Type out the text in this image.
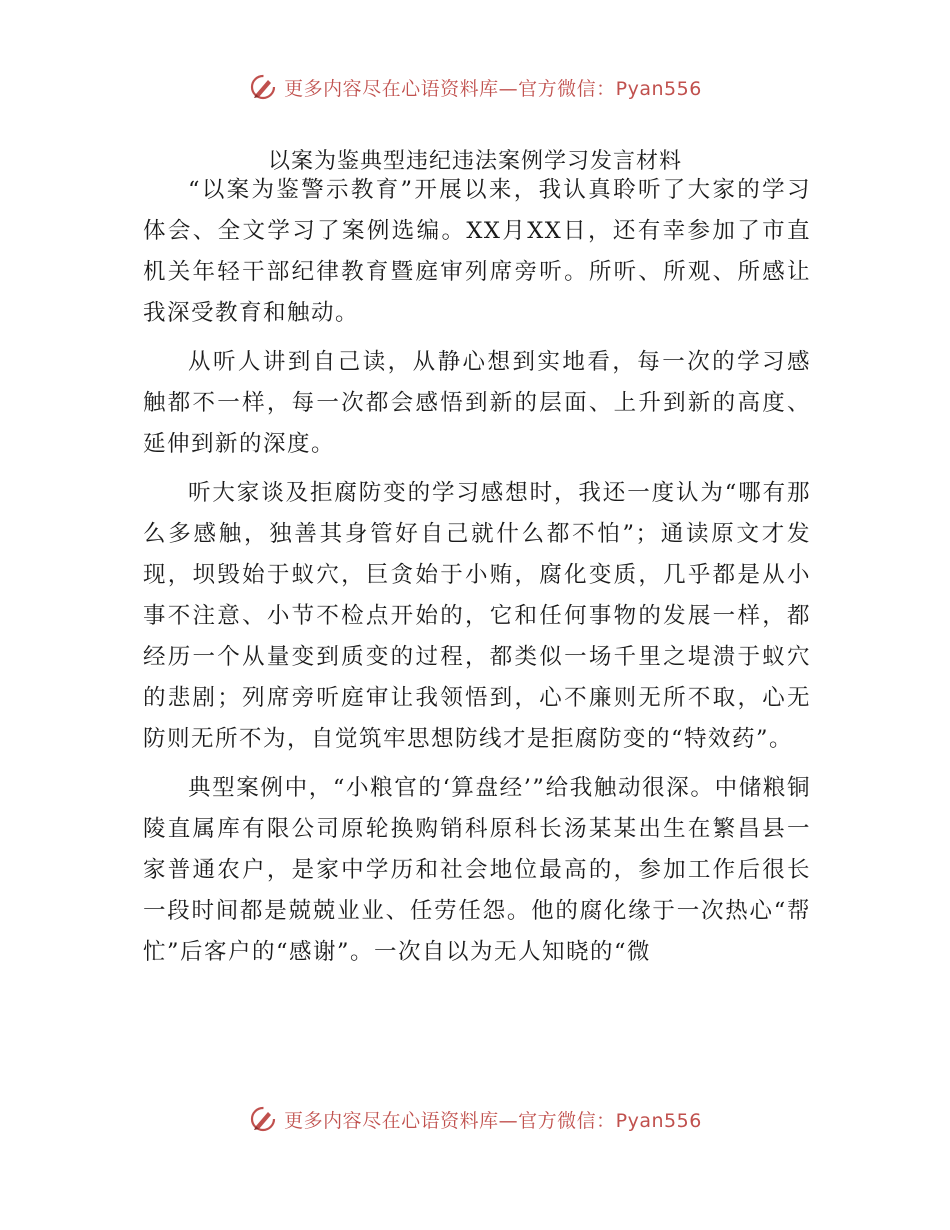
更多内容尽在心语资料库—官方微信：Pyan556
以案为鉴典型违纪违法案例学习发言材料

“以案为鉴警示教育”开展以来，我认真聆听了大家的学习体会、全文学习了案例选编。XX月XX日，还有幸参加了市直机关年轻干部纪律教育暨庭审列席旁听。所听、所观、所感让我深受教育和触动。

从听人讲到自己读，从静心想到实地看，每一次的学习感触都不一样，每一次都会感悟到新的层面、上升到新的高度、延伸到新的深度。

听大家谈及拒腐防变的学习感想时，我还一度认为“哪有那么多感触，独善其身管好自己就什么都不怕”；通读原文才发现，坝毁始于蚁穴，巨贪始于小贿，腐化变质，几乎都是从小事不注意、小节不检点开始的，它和任何事物的发展一样，都经历一个从量变到质变的过程，都类似一场千里之堤溃于蚁穴的悲剧；列席旁听庭审让我领悟到，心不廉则无所不取，心无防则无所不为，自觉筑牢思想防线才是拒腐防变的“特效药”。

典型案例中，“小粮官的‘算盘经’”给我触动很深。中储粮铜陵直属库有限公司原轮换购销科原科长汤某某出生在繁昌县一家普通农户，是家中学历和社会地位最高的，参加工作后很长一段时间都是兢兢业业、任劳任怨。他的腐化缘于一次热心“帮忙”后客户的“感谢”。一次自以为无人知晓的“微

更多内容尽在心语资料库—官方微信：Pyan556
